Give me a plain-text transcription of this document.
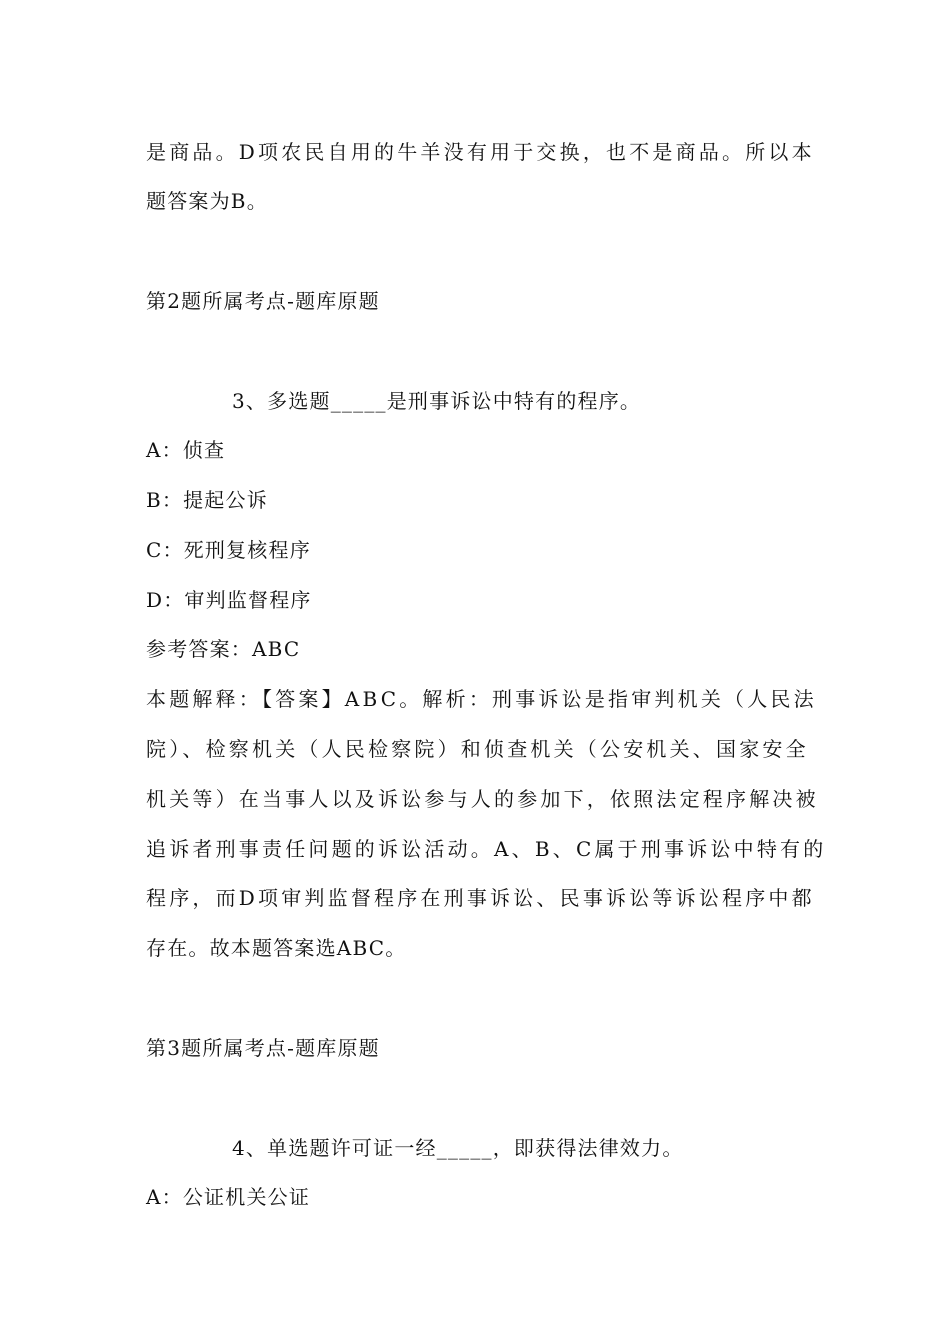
是商品。D项农民自用的牛羊没有用于交换，也不是商品。所以本
题答案为B。
第2题所属考点-题库原题
3、多选题_____是刑事诉讼中特有的程序。
A：侦查
B：提起公诉
C：死刑复核程序
D：审判监督程序
参考答案：ABC
本题解释：【答案】ABC。解析：刑事诉讼是指审判机关（人民法
院）、检察机关（人民检察院）和侦查机关（公安机关、国家安全
机关等）在当事人以及诉讼参与人的参加下，依照法定程序解决被
追诉者刑事责任问题的诉讼活动。A、B、C属于刑事诉讼中特有的
程序，而D项审判监督程序在刑事诉讼、民事诉讼等诉讼程序中都
存在。故本题答案选ABC。
第3题所属考点-题库原题
4、单选题许可证一经_____，即获得法律效力。
A：公证机关公证
